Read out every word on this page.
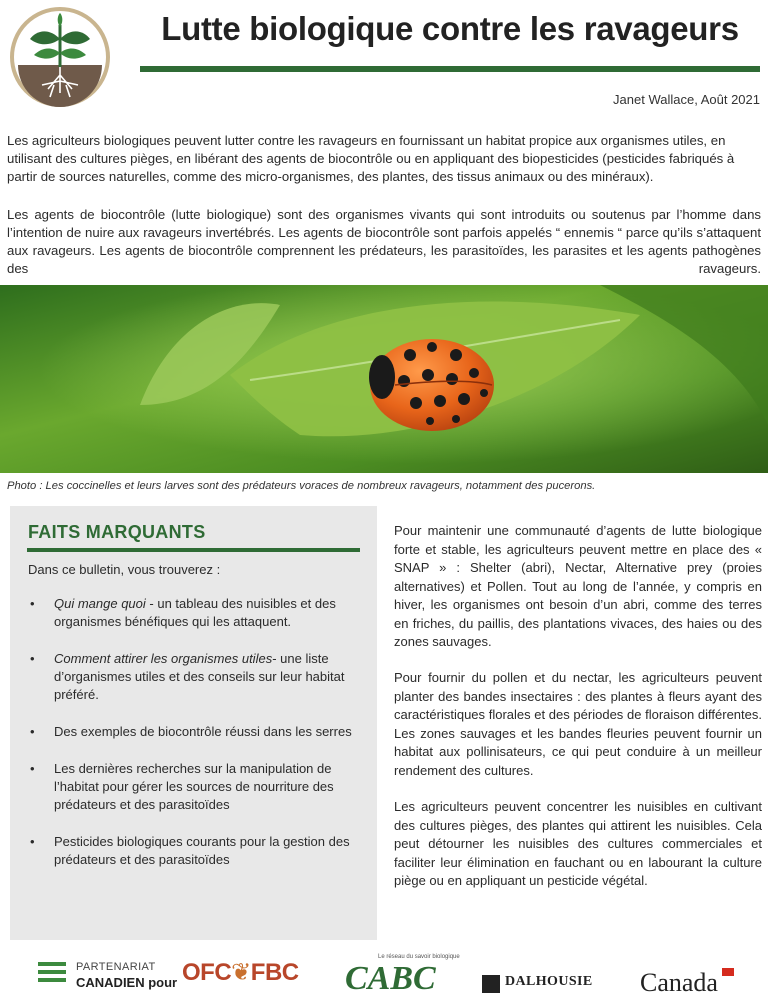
Lutte biologique contre les ravageurs
Janet Wallace, Août 2021

Les agriculteurs biologiques peuvent lutter contre les ravageurs en fournissant un habitat propice aux organismes utiles, en utilisant des cultures pièges, en libérant des agents de biocontrôle ou en appliquant des biopesticides (pesticides fabriqués à partir de sources naturelles, comme des micro-organismes, des plantes, des tissus animaux ou des minéraux).

Les agents de biocontrôle (lutte biologique) sont des organismes vivants qui sont introduits ou soutenus par l’homme dans l’intention de nuire aux ravageurs invertébrés. Les agents de biocontrôle sont parfois appelés “ ennemis “ parce qu’ils s’attaquent aux ravageurs. Les agents de biocontrôle comprennent les prédateurs, les parasitoïdes, les parasites et les agents pathogènes des ravageurs.

Photo : Les coccinelles et leurs larves sont des prédateurs voraces de nombreux ravageurs, notamment des pucerons.
FAITS MARQUANTS
Dans ce bulletin, vous trouverez :
• Qui mange quoi - un tableau des nuisibles et des organismes bénéfiques qui les attaquent.
• Comment attirer les organismes utiles- une liste d’organismes utiles et des conseils sur leur habitat préféré.
• Des exemples de biocontrôle réussi dans les serres
• Les dernières recherches sur la manipulation de l’habitat pour gérer les sources de nourriture des prédateurs et des parasitoïdes
• Pesticides biologiques courants pour la gestion des prédateurs et des parasitoïdes

Pour maintenir une communauté d’agents de lutte biologique forte et stable, les agriculteurs peuvent mettre en place des « SNAP » : Shelter (abri), Nectar, Alternative prey (proies alternatives) et Pollen. Tout au long de l’année, y compris en hiver, les organismes ont besoin d’un abri, comme des terres en friches, du paillis, des plantations vivaces, des haies ou des zones sauvages.

Pour fournir du pollen et du nectar, les agriculteurs peuvent planter des bandes insectaires : des plantes à fleurs ayant des caractéristiques florales et des périodes de floraison différentes. Les zones sauvages et les bandes fleuries peuvent fournir un habitat aux pollinisateurs, ce qui peut conduire à un meilleur rendement des cultures.

Les agriculteurs peuvent concentrer les nuisibles en cultivant des cultures pièges, des plantes qui attirent les nuisibles. Cela peut détourner les nuisibles des cultures commerciales et faciliter leur élimination en fauchant ou en labourant la culture piège ou en appliquant un pesticide végétal.

PARTENARIAT
CANADIEN pour OFC❦FBC
Le réseau du savoir biologique
CABC	DALHOUSIE Canada
